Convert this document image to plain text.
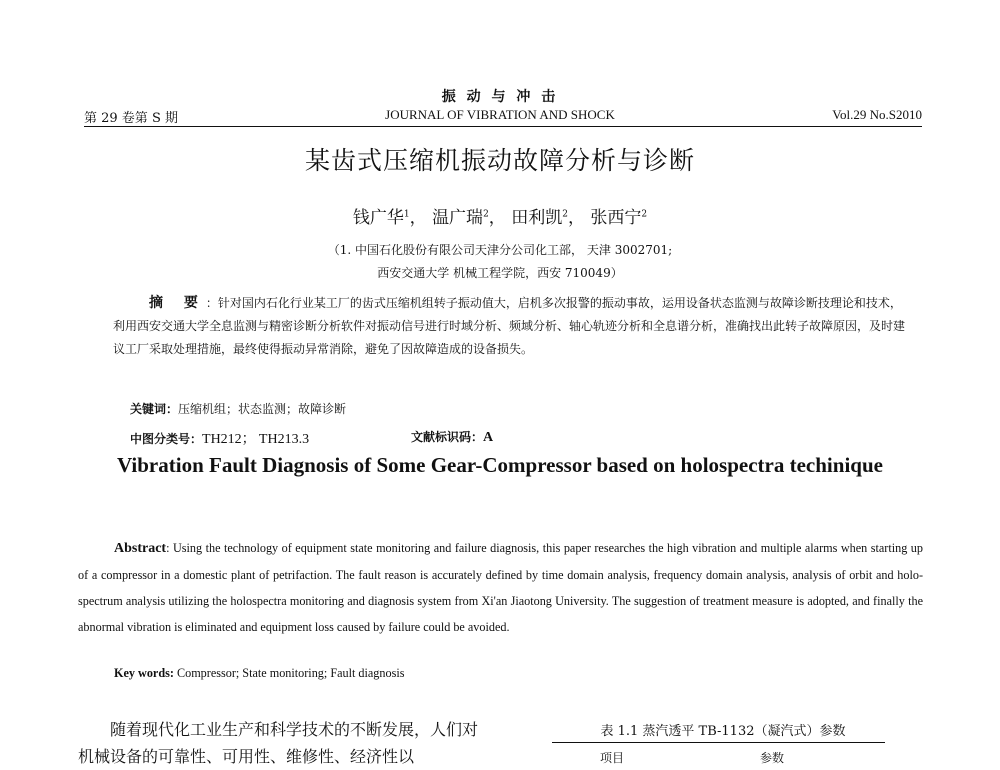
振 动 与 冲 击
第 29 卷第 S 期	JOURNAL OF VIBRATION AND SHOCK	Vol.29 No.S2010
某齿式压缩机振动故障分析与诊断
钱广华$^1$， 温广瑞$^2$， 田利凯$^2$， 张西宁$^2$
（1. 中国石化股份有限公司天津分公司化工部， 天津 3002701;
西安交通大学 机械工程学院，西安 710049）
摘 要：针对国内石化行业某工厂的齿式压缩机组转子振动值大，启机多次报警的振动事故，运用设备状态监测与故障诊断技理论和技术，利用西安交通大学全息监测与精密诊断分析软件对振动信号进行时域分析、频域分析、轴心轨迹分析和全息谱分析，准确找出此转子故障原因，及时建议工厂采取处理措施，最终使得振动异常消除，避免了因故障造成的设备损失。
关键词：压缩机组；状态监测；故障诊断
中图分类号：TH212； TH213.3	文献标识码：A
Vibration Fault Diagnosis of Some Gear-Compressor based on holospectra techinique
Abstract: Using the technology of equipment state monitoring and failure diagnosis, this paper researches the high vibration and multiple alarms when starting up of a compressor in a domestic plant of petrifaction. The fault reason is accurately defined by time domain analysis, frequency domain analysis, analysis of orbit and holo-spectrum analysis utilizing the holospectra monitoring and diagnosis system from Xi'an Jiaotong University. The suggestion of treatment measure is adopted, and finally the abnormal vibration is eliminated and equipment loss caused by failure could be avoided.
Key words: Compressor; State monitoring; Fault diagnosis
随着现代化工业生产和科学技术的不断发展，人们对机械设备的可靠性、可用性、维修性、经济性以
表 1.1 蒸汽透平 TB-1132（凝汽式）参数
项目	参数
